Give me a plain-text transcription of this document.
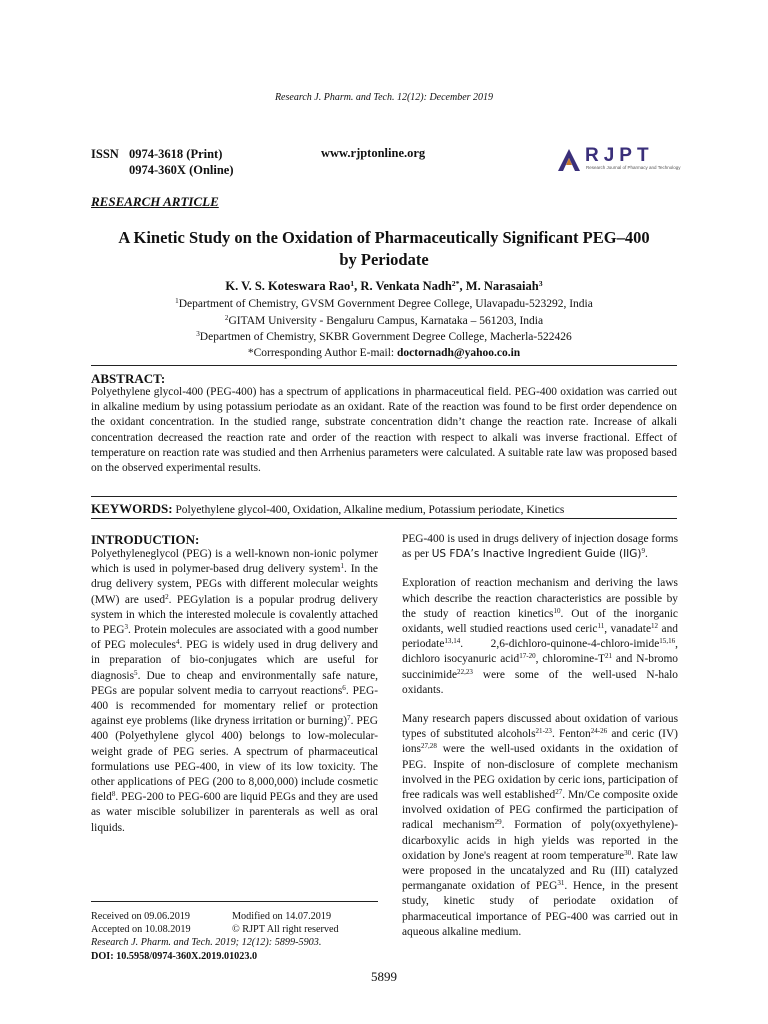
Research J. Pharm. and Tech. 12(12): December 2019
ISSN 0974-3618 (Print)
0974-360X (Online)
www.rjptonline.org	RJPT
Research Journal of Pharmacy and Technology
RESEARCH ARTICLE
A Kinetic Study on the Oxidation of Pharmaceutically Significant PEG–400
by Periodate
K. V. S. Koteswara Rao$^1$, R. Venkata Nadh$^{2*}$, M. Narasaiah$^3$
$^1$Department of Chemistry, GVSM Government Degree College, Ulavapadu-523292, India
$^2$GITAM University - Bengaluru Campus, Karnataka – 561203, India
$^3$Departmen of Chemistry, SKBR Government Degree College, Macherla-522426
*Corresponding Author E-mail: doctornadh@yahoo.co.in
ABSTRACT:
Polyethylene glycol-400 (PEG-400) has a spectrum of applications in pharmaceutical field. PEG-400 oxidation was carried out in alkaline medium by using potassium periodate as an oxidant. Rate of the reaction was found to be first order dependence on the oxidant concentration. In the studied range, substrate concentration didn’t change the reaction rate. Increase of alkali concentration decreased the reaction rate and order of the reaction with respect to alkali was inverse fractional. Effect of temperature on reaction rate was studied and then Arrhenius parameters were calculated. A suitable rate law was proposed based on the observed experimental results.
KEYWORDS: Polyethylene glycol-400, Oxidation, Alkaline medium, Potassium periodate, Kinetics
INTRODUCTION:

Polyethyleneglycol (PEG) is a well-known non-ionic polymer which is used in polymer-based drug delivery system$^1$. In the drug delivery system, PEGs with different molecular weights (MW) are used$^2$. PEGylation is a popular prodrug delivery system in which the interested molecule is covalently attached to PEG$^3$. Protein molecules are associated with a good number of PEG molecules$^4$. PEG is widely used in drug delivery and in preparation of bio-conjugates which are useful for diagnosis$^5$. Due to cheap and environmentally safe nature, PEGs are popular solvent media to carryout reactions$^6$. PEG-400 is recommended for momentary relief or protection against eye problems (like dryness irritation or burning)$^7$. PEG 400 (Polyethylene glycol 400) belongs to low-molecular-weight grade of PEG series. A spectrum of pharmaceutical formulations use PEG-400, in view of its low toxicity. The other applications of PEG (200 to 8,000,000) include cosmetic field$^8$. PEG-200 to PEG-600 are liquid PEGs and they are used as water miscible solubilizer in parenterals as well as oral liquids.

Received on 09.06.2019	Modified on 14.07.2019
Accepted on 10.08.2019	© RJPT All right reserved
Research J. Pharm. and Tech. 2019; 12(12): 5899-5903.
DOI: 10.5958/0974-360X.2019.01023.0

PEG-400 is used in drugs delivery of injection dosage forms as per US FDA’s Inactive Ingredient Guide (IIG)$^9$.

Exploration of reaction mechanism and deriving the laws which describe the reaction characteristics are possible by the study of reaction kinetics$^{10}$. Out of the inorganic oxidants, well studied reactions used ceric$^{11}$, vanadate$^{12}$ and periodate$^{13,14}$. 2,6-dichloro-quinone-4-chloro-imide$^{15,16}$, dichloro isocyanuric acid$^{17-20}$, chloromine-$T^{21}$ and N-bromo succinimide$^{22,23}$ were some of the well-used N-halo oxidants.

Many research papers discussed about oxidation of various types of substituted alcohols$^{21-23}$. Fenton$^{24-26}$ and ceric (IV) ions$^{27,28}$ were the well-used oxidants in the oxidation of PEG. Inspite of non-disclosure of complete mechanism involved in the PEG oxidation by ceric ions, participation of free radicals was well established$^{27}$. Mn/Ce composite oxide involved oxidation of PEG confirmed the participation of radical mechanism$^{29}$. Formation of poly(oxyethylene)-dicarboxylic acids in high yields was reported in the oxidation by Jone's reagent at room temperature$^{30}$. Rate law were proposed in the uncatalyzed and Ru (III) catalyzed permanganate oxidation of PEG$^{31}$. Hence, in the present study, kinetic study of periodate oxidation of pharmaceutical importance of PEG-400 was carried out in aqueous alkaline medium.

5899
